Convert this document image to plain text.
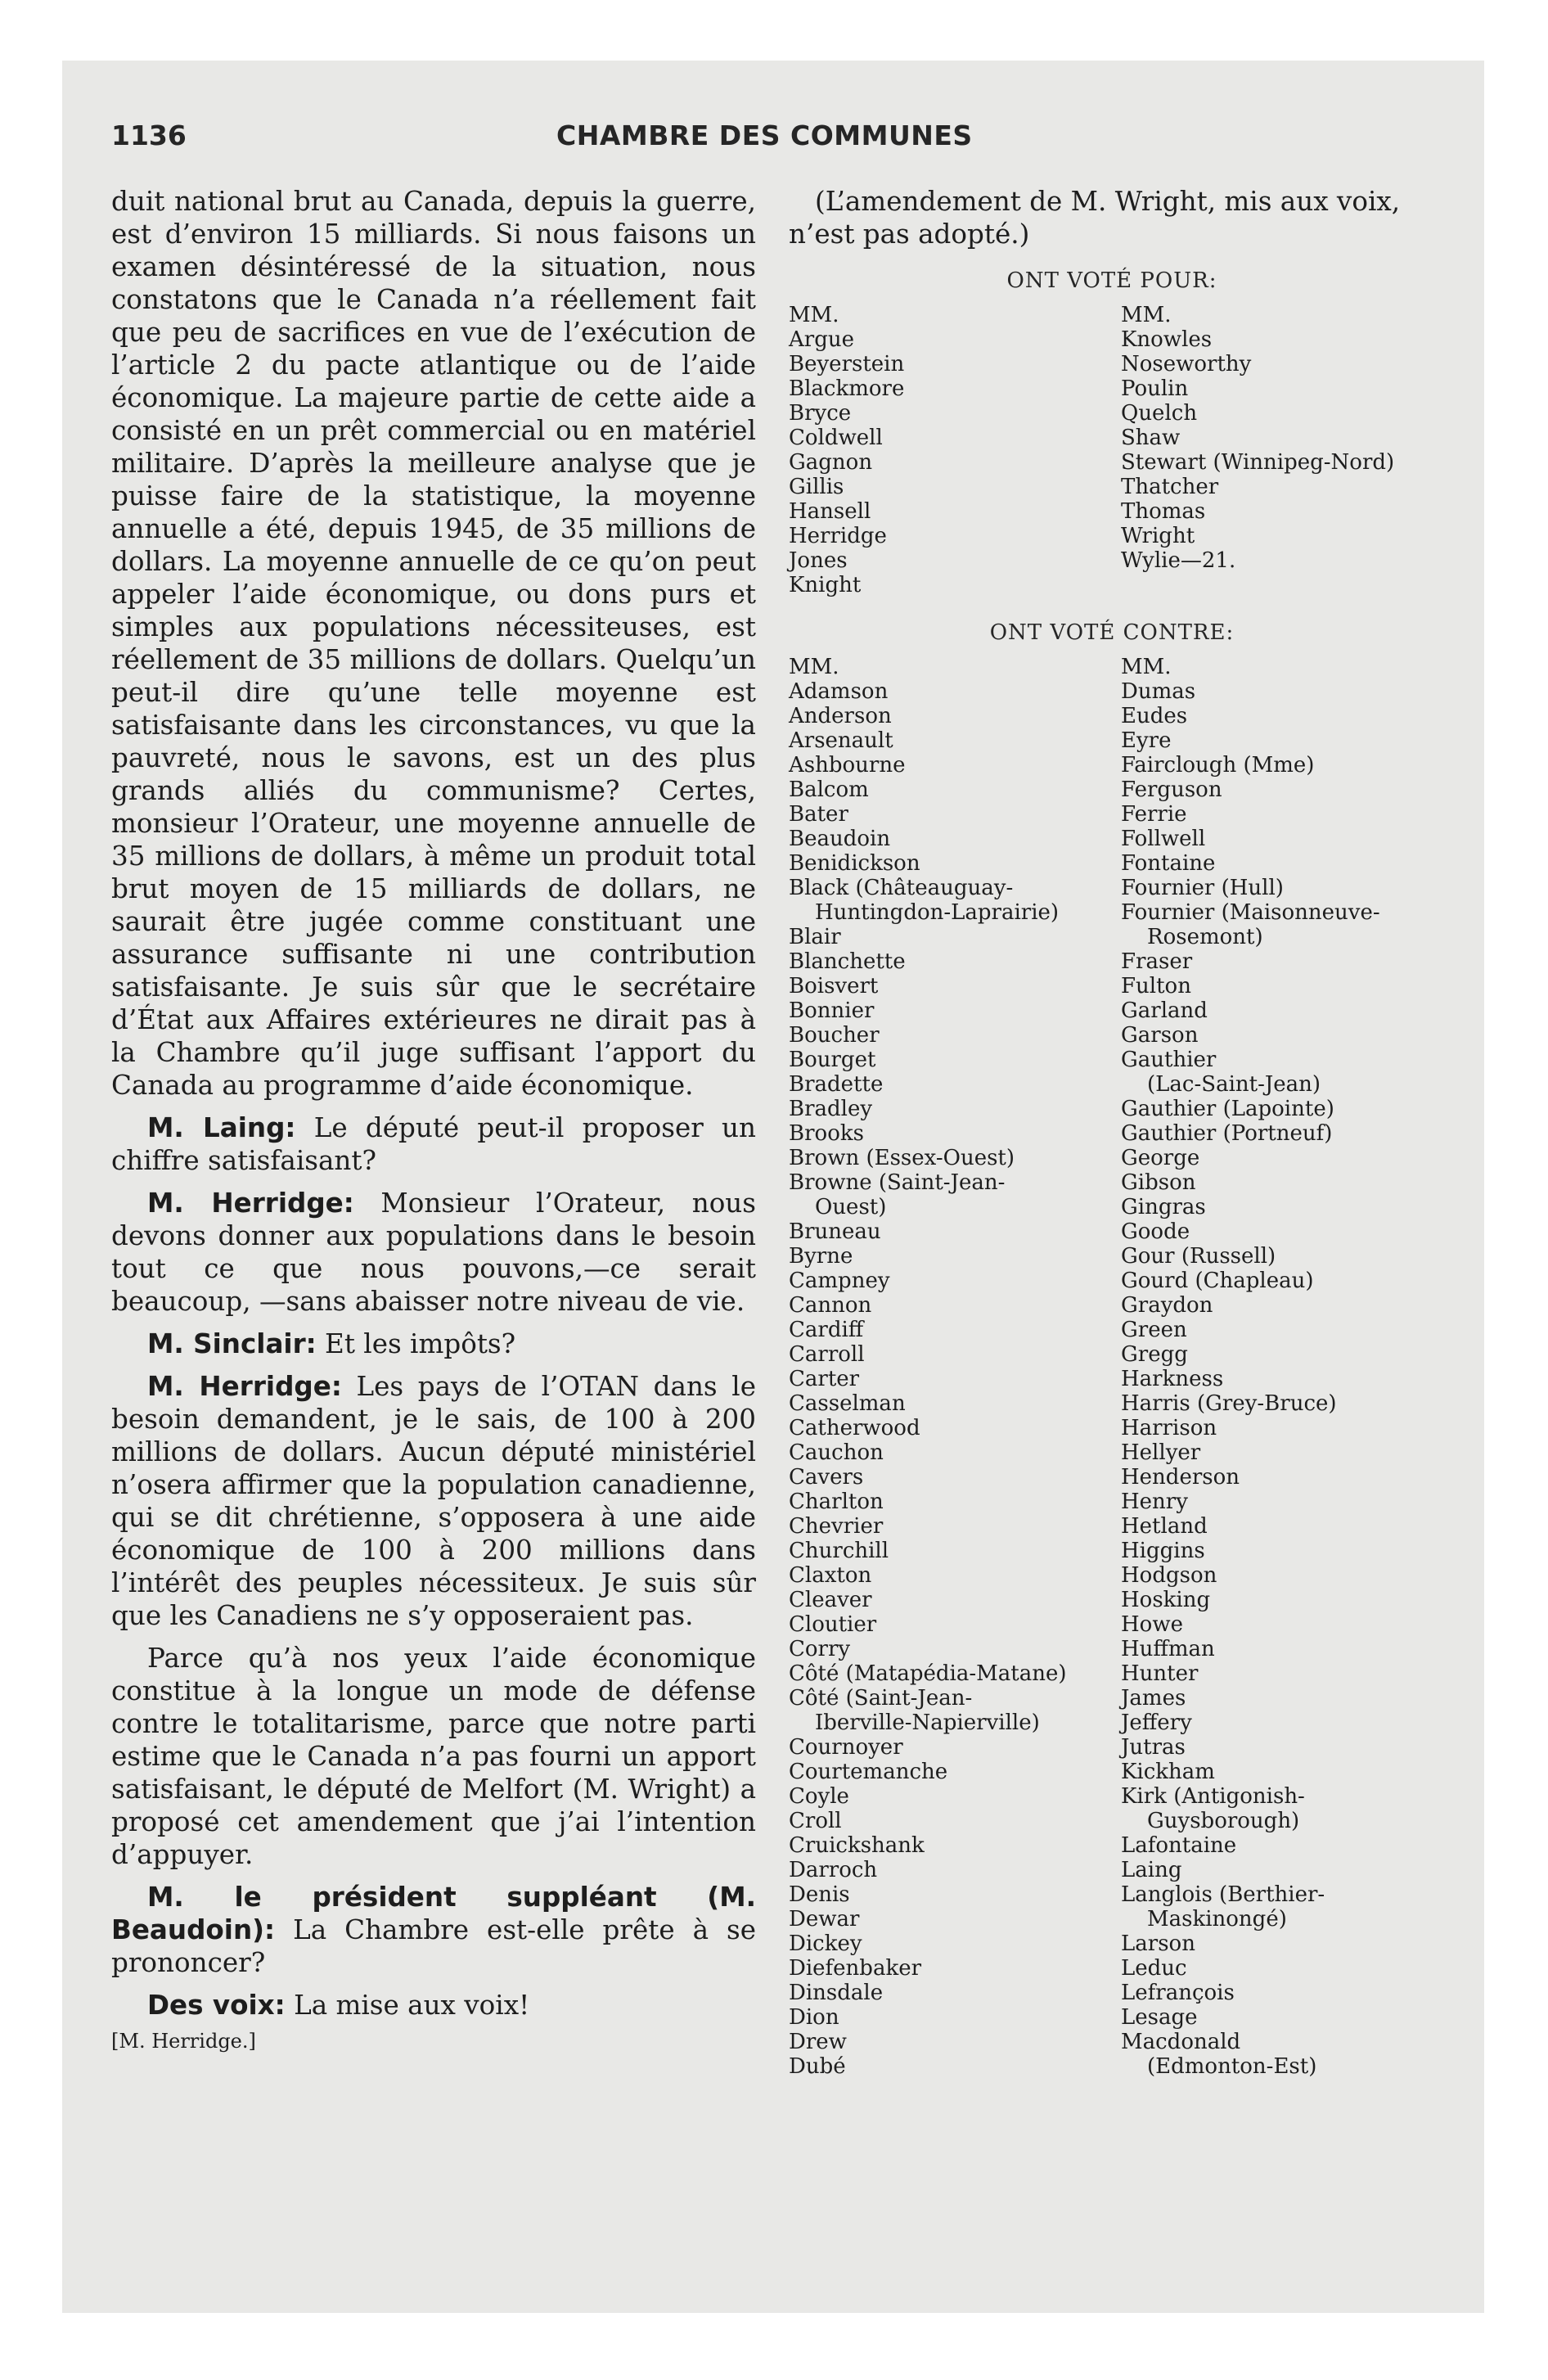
1136	CHAMBRE DES COMMUNES

duit national brut au Canada, depuis la guerre, est d’environ 15 milliards. Si nous faisons un examen désintéressé de la situation, nous constatons que le Canada n’a réellement fait que peu de sacrifices en vue de l’exécution de l’article 2 du pacte atlantique ou de l’aide économique. La majeure partie de cette aide a consisté en un prêt commercial ou en matériel militaire. D’après la meilleure analyse que je puisse faire de la statistique, la moyenne annuelle a été, depuis 1945, de 35 millions de dollars. La moyenne annuelle de ce qu’on peut appeler l’aide économique, ou dons purs et simples aux populations nécessiteuses, est réellement de 35 millions de dollars. Quelqu’un peut-il dire qu’une telle moyenne est satisfaisante dans les circonstances, vu que la pauvreté, nous le savons, est un des plus grands alliés du communisme? Certes, monsieur l’Orateur, une moyenne annuelle de 35 millions de dollars, à même un produit total brut moyen de 15 milliards de dollars, ne saurait être jugée comme constituant une assurance suffisante ni une contribution satisfaisante. Je suis sûr que le secrétaire d’État aux Affaires extérieures ne dirait pas à la Chambre qu’il juge suffisant l’apport du Canada au programme d’aide économique.

M. Laing: Le député peut-il proposer un chiffre satisfaisant?

M. Herridge: Monsieur l’Orateur, nous devons donner aux populations dans le besoin tout ce que nous pouvons,—ce serait beaucoup, —sans abaisser notre niveau de vie.

M. Sinclair: Et les impôts?

M. Herridge: Les pays de l’OTAN dans le besoin demandent, je le sais, de 100 à 200 millions de dollars. Aucun député ministériel n’osera affirmer que la population canadienne, qui se dit chrétienne, s’opposera à une aide économique de 100 à 200 millions dans l’intérêt des peuples nécessiteux. Je suis sûr que les Canadiens ne s’y opposeraient pas.

Parce qu’à nos yeux l’aide économique constitue à la longue un mode de défense contre le totalitarisme, parce que notre parti estime que le Canada n’a pas fourni un apport satisfaisant, le député de Melfort (M. Wright) a proposé cet amendement que j’ai l’intention d’appuyer.

M. le président suppléant (M. Beaudoin): La Chambre est-elle prête à se prononcer?

Des voix: La mise aux voix!

[M. Herridge.]

(L’amendement de M. Wright, mis aux voix, n’est pas adopté.)

ONT VOTÉ POUR:
MM.
Argue
Beyerstein
Blackmore
Bryce
Coldwell
Gagnon
Gillis
Hansell
Herridge
Jones
Knight
MM.
Knowles
Noseworthy
Poulin
Quelch
Shaw
Stewart (Winnipeg-Nord)
Thatcher
Thomas
Wright
Wylie—21.
ONT VOTÉ CONTRE:
MM.
Adamson
Anderson
Arsenault
Ashbourne
Balcom
Bater
Beaudoin
Benidickson
Black (Châteauguay-
Huntingdon-Laprairie)
Blair
Blanchette
Boisvert
Bonnier
Boucher
Bourget
Bradette
Bradley
Brooks
Brown (Essex-Ouest)
Browne (Saint-Jean-
Ouest)
Bruneau
Byrne
Campney
Cannon
Cardiff
Carroll
Carter
Casselman
Catherwood
Cauchon
Cavers
Charlton
Chevrier
Churchill
Claxton
Cleaver
Cloutier
Corry
Côté (Matapédia-Matane)
Côté (Saint-Jean-
Iberville-Napierville)
Cournoyer
Courtemanche
Coyle
Croll
Cruickshank
Darroch
Denis
Dewar
Dickey
Diefenbaker
Dinsdale
Dion
Drew
Dubé
MM.
Dumas
Eudes
Eyre
Fairclough (Mme)
Ferguson
Ferrie
Follwell
Fontaine
Fournier (Hull)
Fournier (Maisonneuve-
Rosemont)
Fraser
Fulton
Garland
Garson
Gauthier
(Lac-Saint-Jean)
Gauthier (Lapointe)
Gauthier (Portneuf)
George
Gibson
Gingras
Goode
Gour (Russell)
Gourd (Chapleau)
Graydon
Green
Gregg
Harkness
Harris (Grey-Bruce)
Harrison
Hellyer
Henderson
Henry
Hetland
Higgins
Hodgson
Hosking
Howe
Huffman
Hunter
James
Jeffery
Jutras
Kickham
Kirk (Antigonish-
Guysborough)
Lafontaine
Laing
Langlois (Berthier-
Maskinongé)
Larson
Leduc
Lefrançois
Lesage
Macdonald
(Edmonton-Est)
